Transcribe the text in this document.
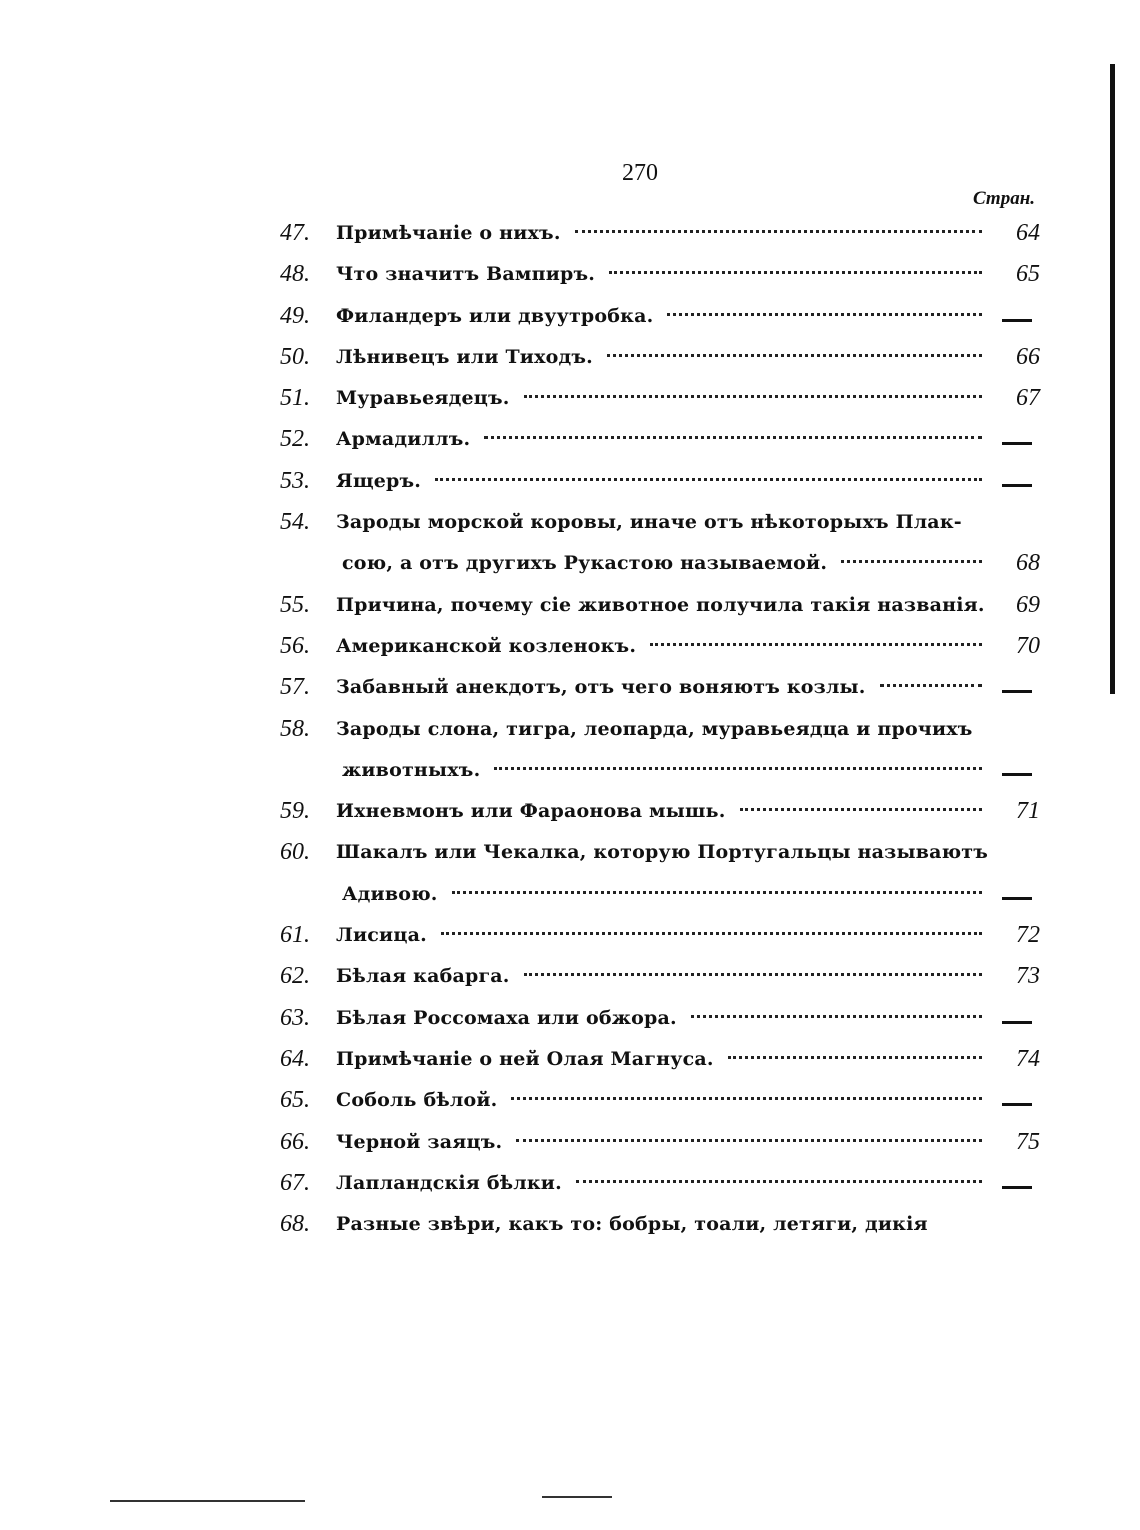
270
Стран.
47.	Примѣчаніе о нихъ.	64
48.	Что значитъ Вампиръ.	65
49.	Филандеръ или двуутробка.
50.	Лѣнивецъ или Тиходъ.	66
51.	Муравьеядецъ.	67
52.	Армадиллъ.
53.	Ящеръ.
54.	Зароды морской коровы, иначе отъ нѣкоторыхъ Плак-
сою, а отъ другихъ Рукастою называемой.	68
55.	Причина, почему сіе животное получила такія названія.	69
56.	Американской козленокъ.	70
57.	Забавный анекдотъ, отъ чего воняютъ козлы.
58.	Зароды слона, тигра, леопарда, муравьеядца и прочихъ
животныхъ.
59.	Ихневмонъ или Фараонова мышь.	71
60.	Шакалъ или Чекалка, которую Португальцы называютъ
Адивою.
61.	Лисица.	72
62.	Бѣлая кабарга.	73
63.	Бѣлая Россомаха или обжора.
64.	Примѣчаніе о ней Олая Магнуса.	74
65.	Соболь бѣлой.
66.	Черной заяцъ.	75
67.	Лапландскія бѣлки.
68.	Разные звѣри, какъ то: бобры, тоали, летяги, дикія
